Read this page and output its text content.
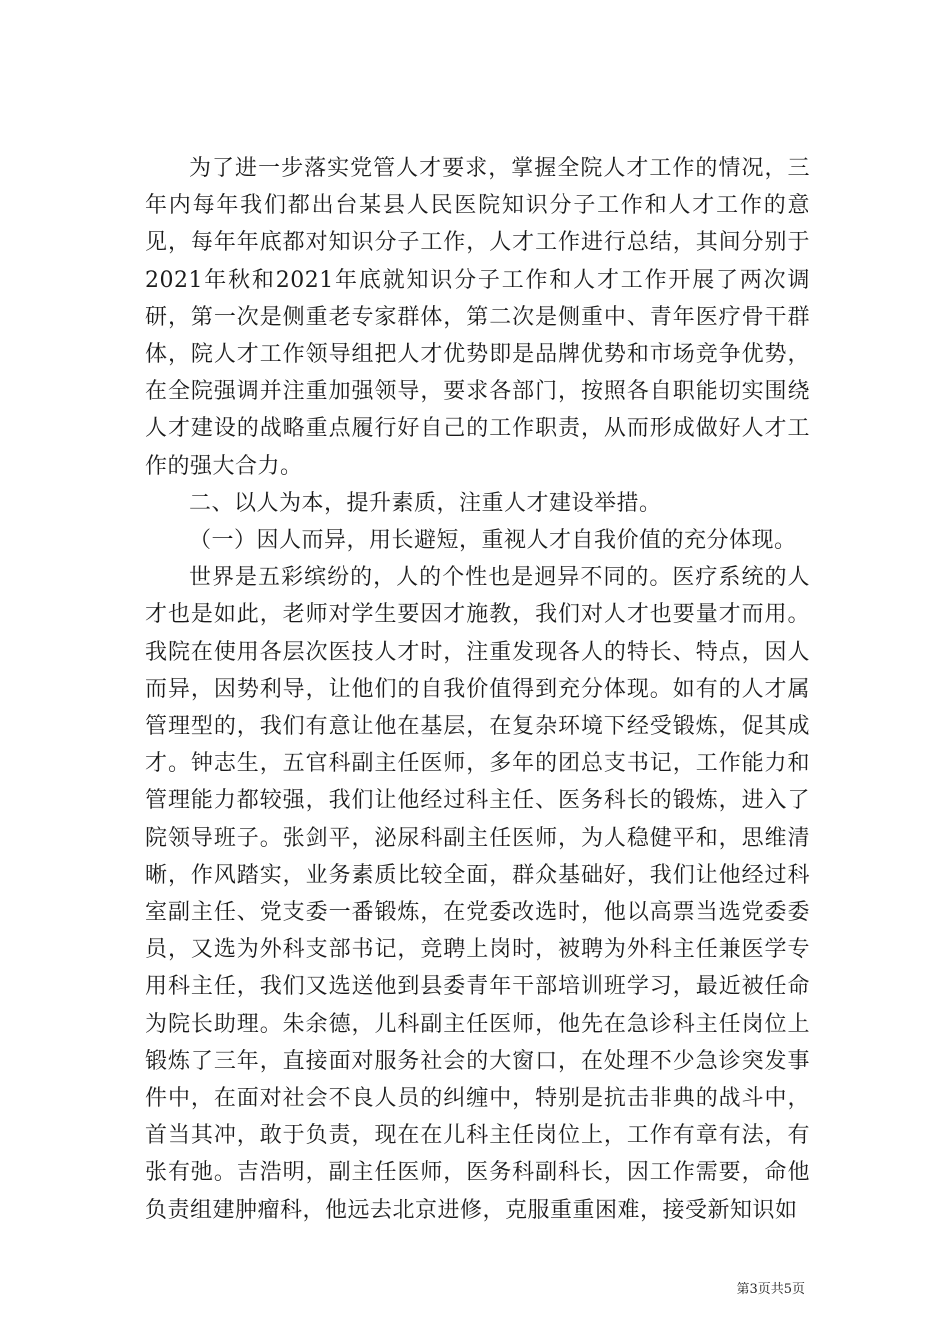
为了进一步落实党管人才要求，掌握全院人才工作的情况，三年内每年我们都出台某县人民医院知识分子工作和人才工作的意见，每年年底都对知识分子工作，人才工作进行总结，其间分别于2021年秋和2021年底就知识分子工作和人才工作开展了两次调研，第一次是侧重老专家群体，第二次是侧重中、青年医疗骨干群体，院人才工作领导组把人才优势即是品牌优势和市场竞争优势，在全院强调并注重加强领导，要求各部门，按照各自职能切实围绕人才建设的战略重点履行好自己的工作职责，从而形成做好人才工作的强大合力。

二、以人为本，提升素质，注重人才建设举措。

（一）因人而异，用长避短，重视人才自我价值的充分体现。

世界是五彩缤纷的，人的个性也是迥异不同的。医疗系统的人才也是如此，老师对学生要因才施教，我们对人才也要量才而用。我院在使用各层次医技人才时，注重发现各人的特长、特点，因人而异，因势利导，让他们的自我价值得到充分体现。如有的人才属管理型的，我们有意让他在基层，在复杂环境下经受锻炼，促其成才。钟志生，五官科副主任医师，多年的团总支书记，工作能力和管理能力都较强，我们让他经过科主任、医务科长的锻炼，进入了院领导班子。张剑平，泌尿科副主任医师，为人稳健平和，思维清晰，作风踏实，业务素质比较全面，群众基础好，我们让他经过科室副主任、党支委一番锻炼，在党委改选时，他以高票当选党委委员，又选为外科支部书记，竞聘上岗时，被聘为外科主任兼医学专用科主任，我们又选送他到县委青年干部培训班学习，最近被任命为院长助理。朱余德，儿科副主任医师，他先在急诊科主任岗位上锻炼了三年，直接面对服务社会的大窗口，在处理不少急诊突发事件中，在面对社会不良人员的纠缠中，特别是抗击非典的战斗中，首当其冲，敢于负责，现在在儿科主任岗位上，工作有章有法，有张有弛。吉浩明，副主任医师，医务科副科长，因工作需要，命他负责组建肿瘤科，他远去北京进修，克服重重困难，接受新知识如

第3页共5页
